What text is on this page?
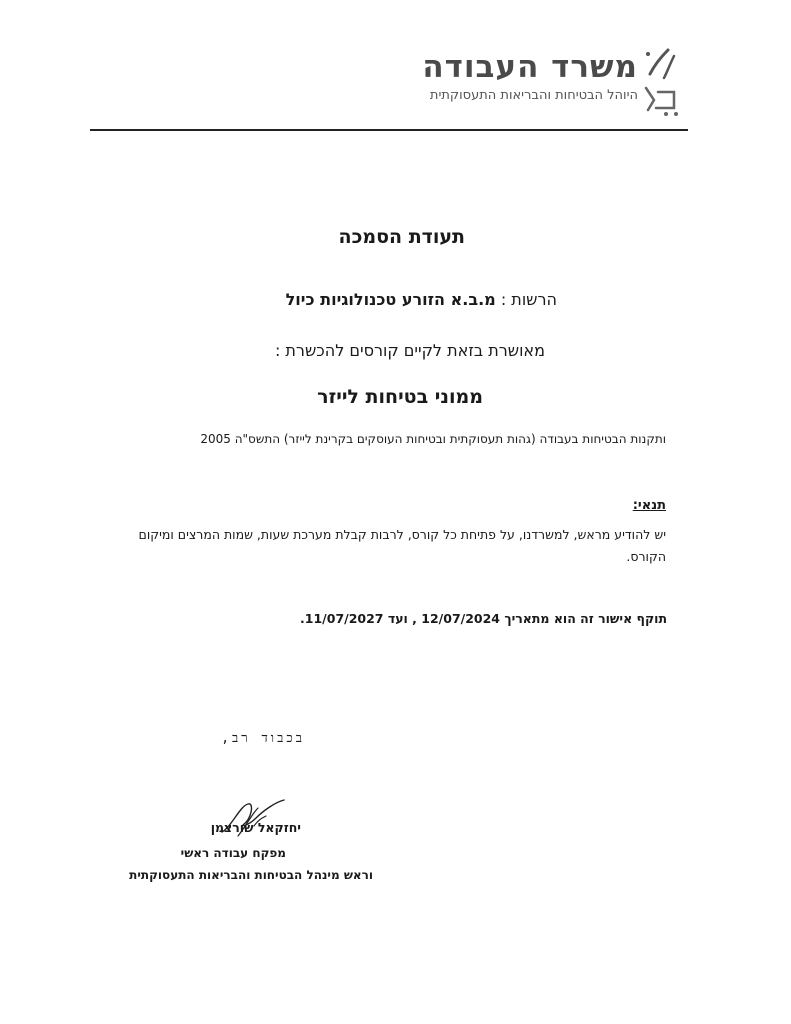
משרד העבודה
היוהל הבטיחות והבריאות התעסוקתית
תעודת הסמכה
הרשות : מ.ב.א הזורע טכנולוגיות כיול
מאושרת בזאת לקיים קורסים להכשרת :
ממוני בטיחות לייזר
ותקנות הבטיחות בעבודה (גהות תעסוקתית ובטיחות העוסקים בקרינת לייזר) התשס"ה 2005
תנאי:
יש להודיע מראש, למשרדנו, על פתיחת כל קורס, לרבות קבלת מערכת שעות, שמות המרצים ומיקום הקורס.
תוקף אישור זה הוא מתאריך 12/07/2024 , ועד 11/07/2027.
בכבוד רב,
יחזקאל שורצמן
מפקח עבודה ראשי
וראש מינהל הבטיחות והבריאות התעסוקתית
